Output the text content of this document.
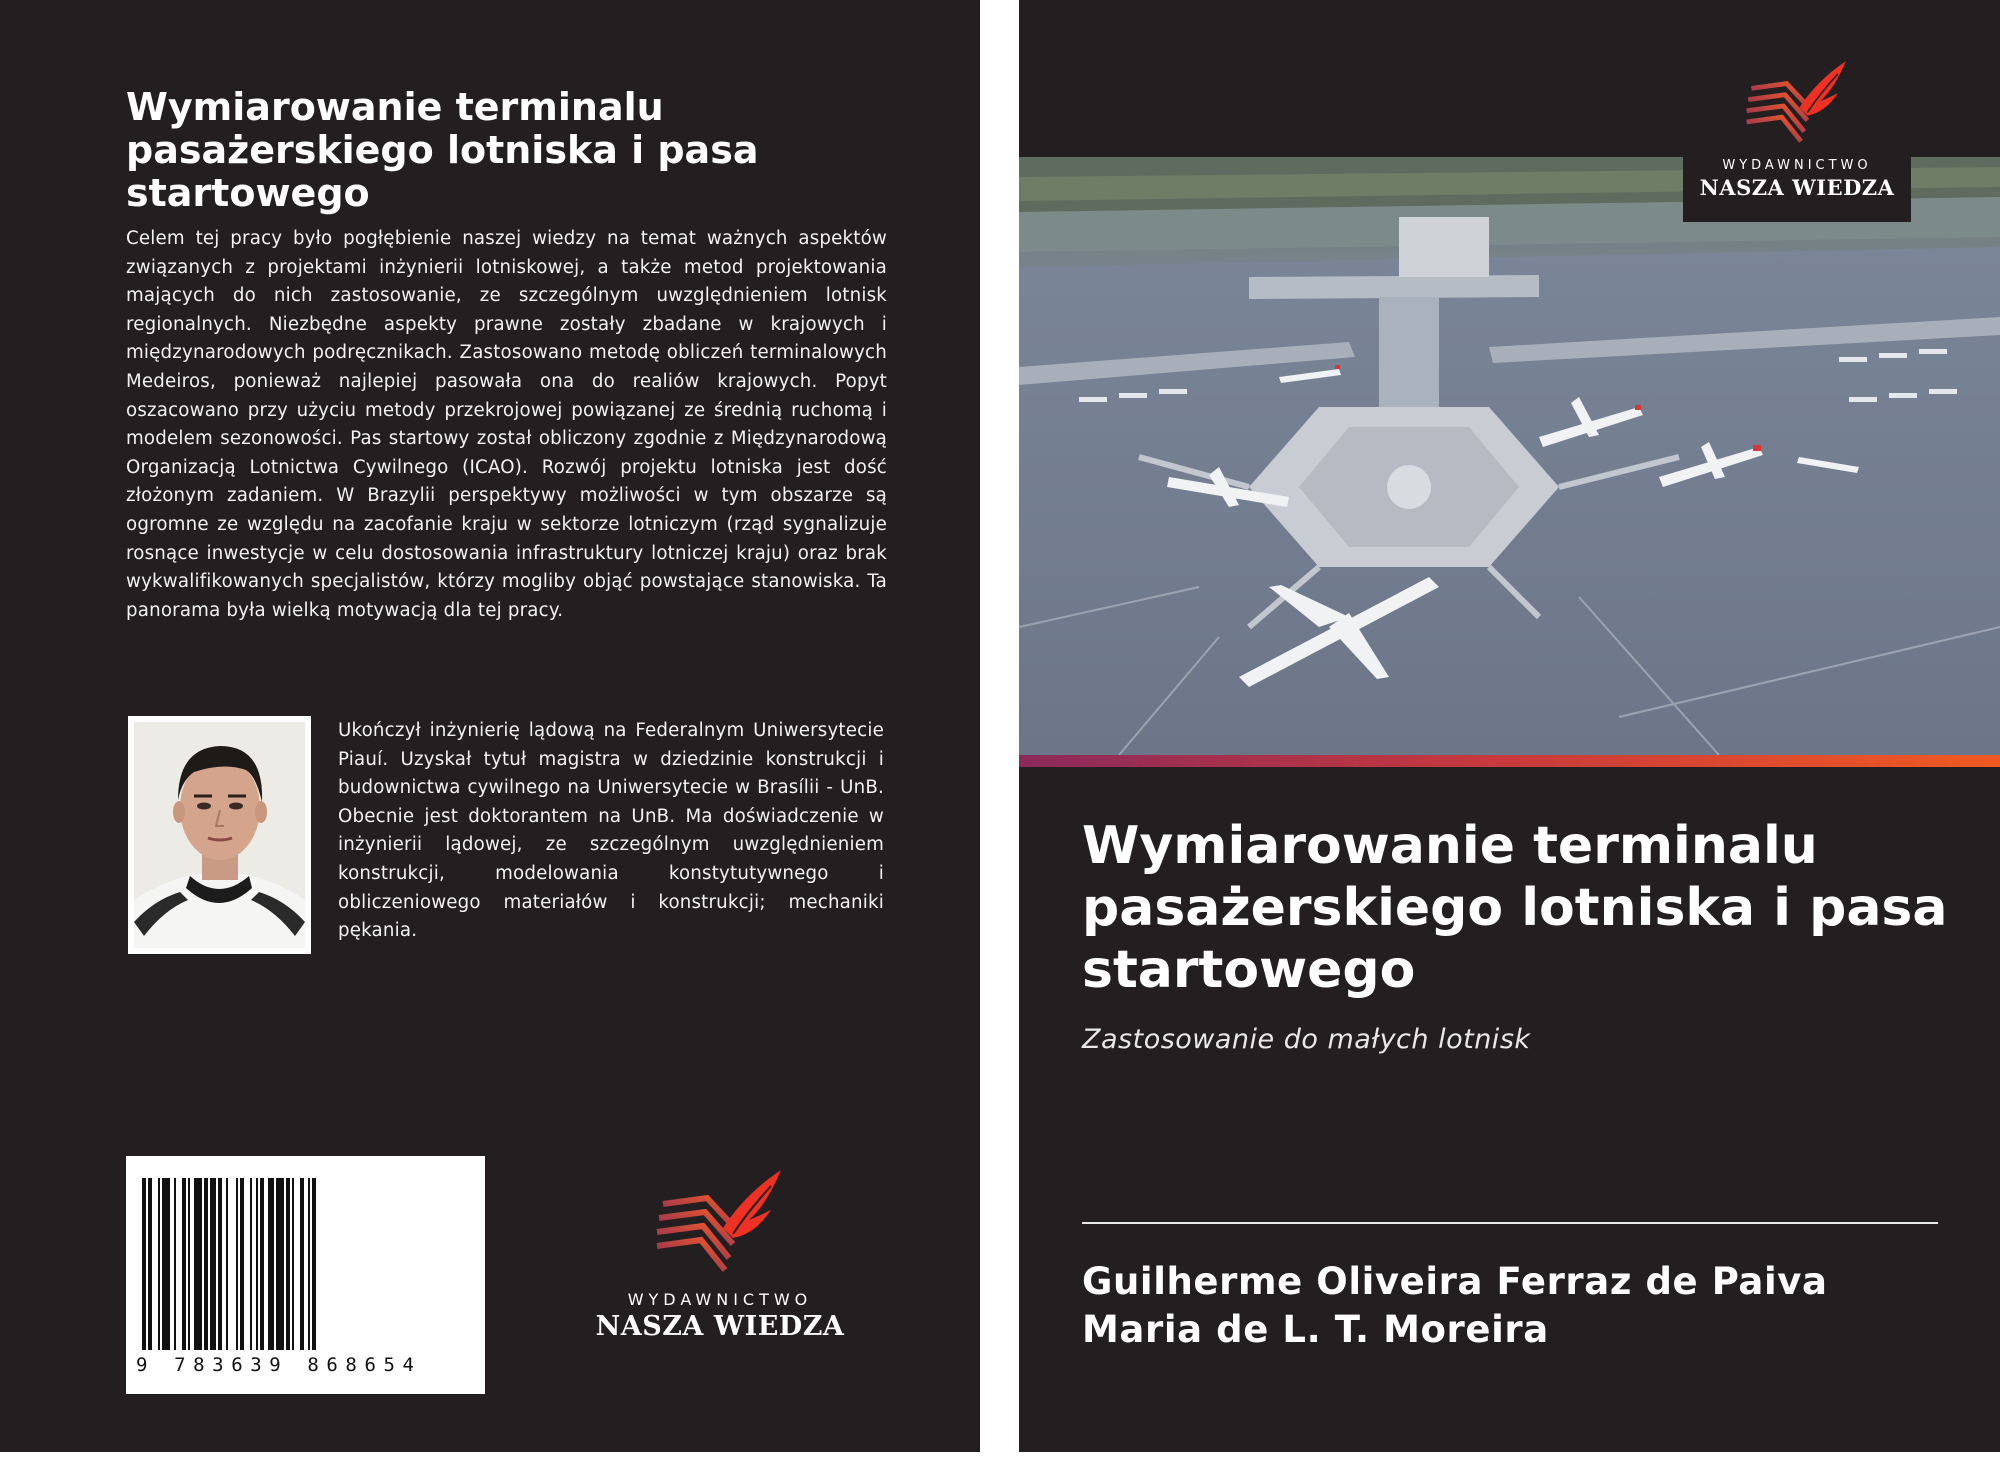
Wymiarowanie terminalu pasażerskiego lotniska i pasa startowego

Celem tej pracy było pogłębienie naszej wiedzy na temat ważnych aspektów związanych z projektami inżynierii lotniskowej, a także metod projektowania mających do nich zastosowanie, ze szczególnym uwzględnieniem lotnisk regionalnych. Niezbędne aspekty prawne zostały zbadane w krajowych i międzynarodowych podręcznikach. Zastosowano metodę obliczeń terminalowych Medeiros, ponieważ najlepiej pasowała ona do realiów krajowych. Popyt oszacowano przy użyciu metody przekrojowej powiązanej ze średnią ruchomą i modelem sezonowości. Pas startowy został obliczony zgodnie z Międzynarodową Organizacją Lotnictwa Cywilnego (ICAO). Rozwój projektu lotniska jest dość złożonym zadaniem. W Brazylii perspektywy możliwości w tym obszarze są ogromne ze względu na zacofanie kraju w sektorze lotniczym (rząd sygnalizuje rosnące inwestycje w celu dostosowania infrastruktury lotniczej kraju) oraz brak wykwalifikowanych specjalistów, którzy mogliby objąć powstające stanowiska. Ta panorama była wielką motywacją dla tej pracy.

Ukończył inżynierię lądową na Federalnym Uniwersytecie Piauí. Uzyskał tytuł magistra w dziedzinie konstrukcji i budownictwa cywilnego na Uniwersytecie w Brasílii - UnB. Obecnie jest doktorantem na UnB. Ma doświadczenie w inżynierii lądowej, ze szczególnym uwzględnieniem konstrukcji, modelowania konstytutywnego i obliczeniowego materiałów i konstrukcji; mechaniki pękania.

9 783639 868654
WYDAWNICTWO
NASZA WIEDZA
WYDAWNICTWO
NASZA WIEDZA
Wymiarowanie terminalu pasażerskiego lotniska i pasa startowego
Zastosowanie do małych lotnisk
Guilherme Oliveira Ferraz de Paiva
Maria de L. T. Moreira
